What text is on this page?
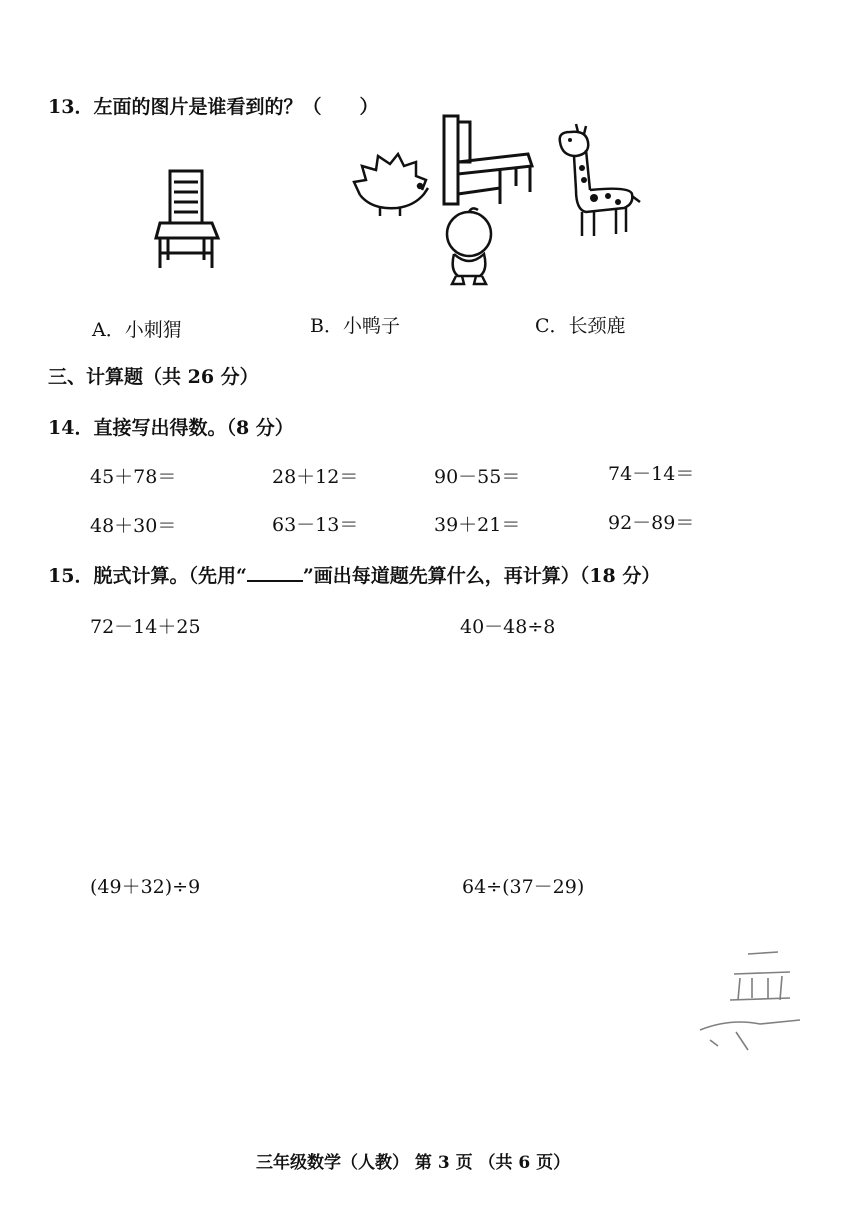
13．左面的图片是谁看到的？（　　）
A．小刺猬	B．小鸭子	C．长颈鹿
三、计算题（共 26 分）
14．直接写出得数。（8 分）
45＋78＝	28＋12＝	90－55＝	74－14＝
48＋30＝	63－13＝	39＋21＝	92－89＝
15．脱式计算。（先用“	”画出每道题先算什么，再计算）（18 分）
72－14＋25	40－48÷8
(49＋32)÷9	64÷(37－29)
三年级数学（人教） 第 3 页 （共 6 页）
